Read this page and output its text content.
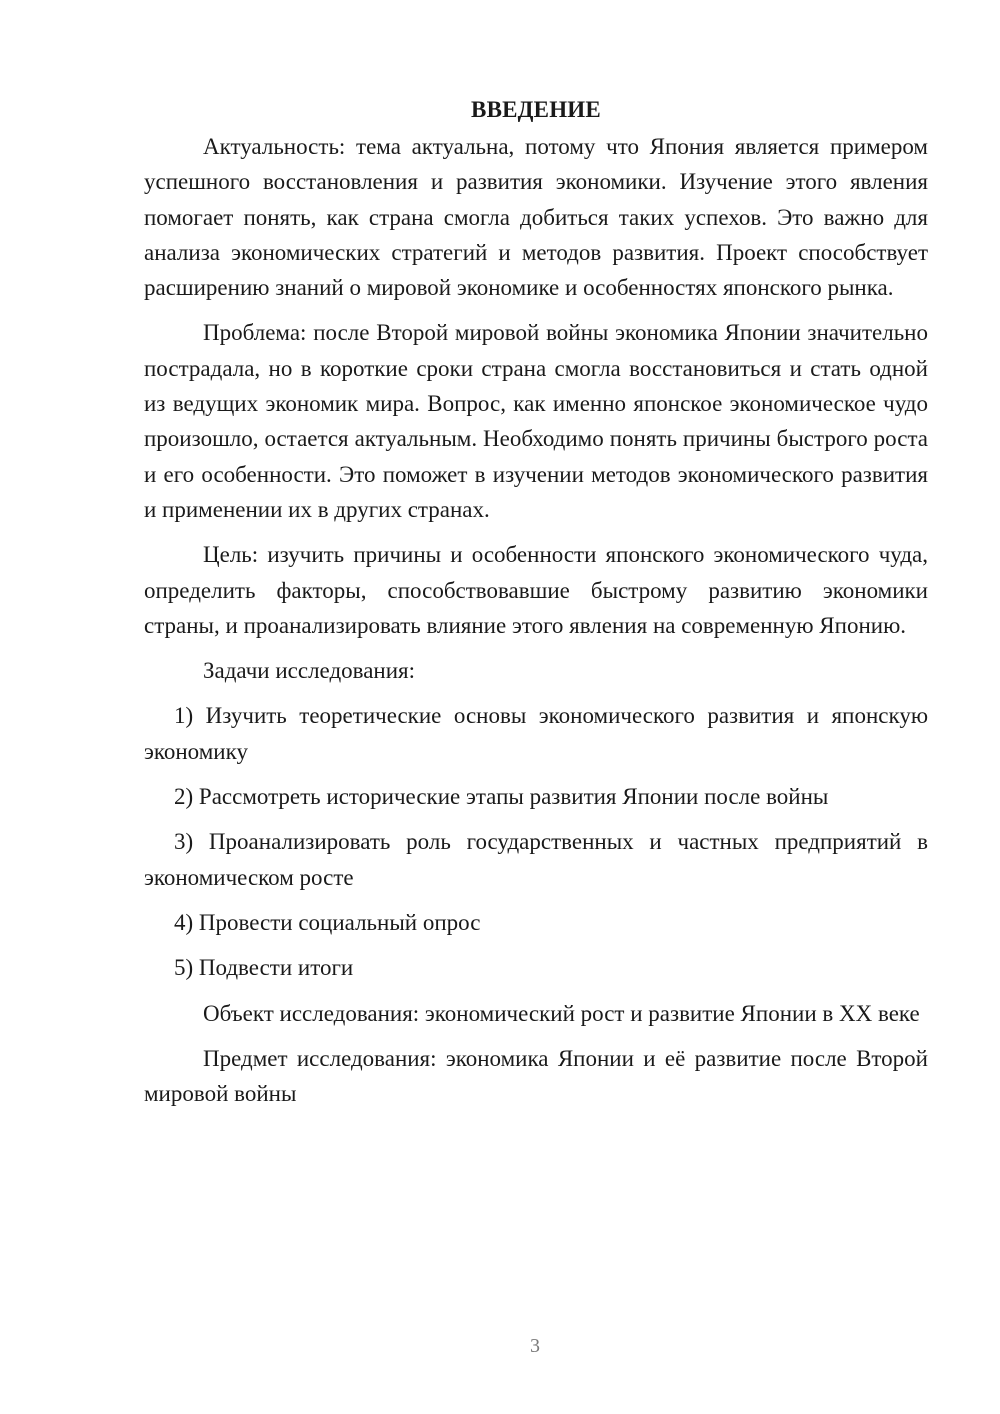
ВВЕДЕНИЕ

Актуальность: тема актуальна, потому что Япония является примером успешного восстановления и развития экономики. Изучение этого явления помогает понять, как страна смогла добиться таких успехов. Это важно для анализа экономических стратегий и методов развития. Проект способствует расширению знаний о мировой экономике и особенностях японского рынка.

Проблема: после Второй мировой войны экономика Японии значительно пострадала, но в короткие сроки страна смогла восстановиться и стать одной из ведущих экономик мира. Вопрос, как именно японское экономическое чудо произошло, остается актуальным. Необходимо понять причины быстрого роста и его особенности. Это поможет в изучении методов экономического развития и применении их в других странах.

Цель: изучить причины и особенности японского экономического чуда, определить факторы, способствовавшие быстрому развитию экономики страны, и проанализировать влияние этого явления на современную Японию.

Задачи исследования:

1) Изучить теоретические основы экономического развития и японскую экономику

2) Рассмотреть исторические этапы развития Японии после войны

3) Проанализировать роль государственных и частных предприятий в экономическом росте

4) Провести социальный опрос

5) Подвести итоги

Объект исследования: экономический рост и развитие Японии в XX веке

Предмет исследования: экономика Японии и её развитие после Второй мировой войны

3
